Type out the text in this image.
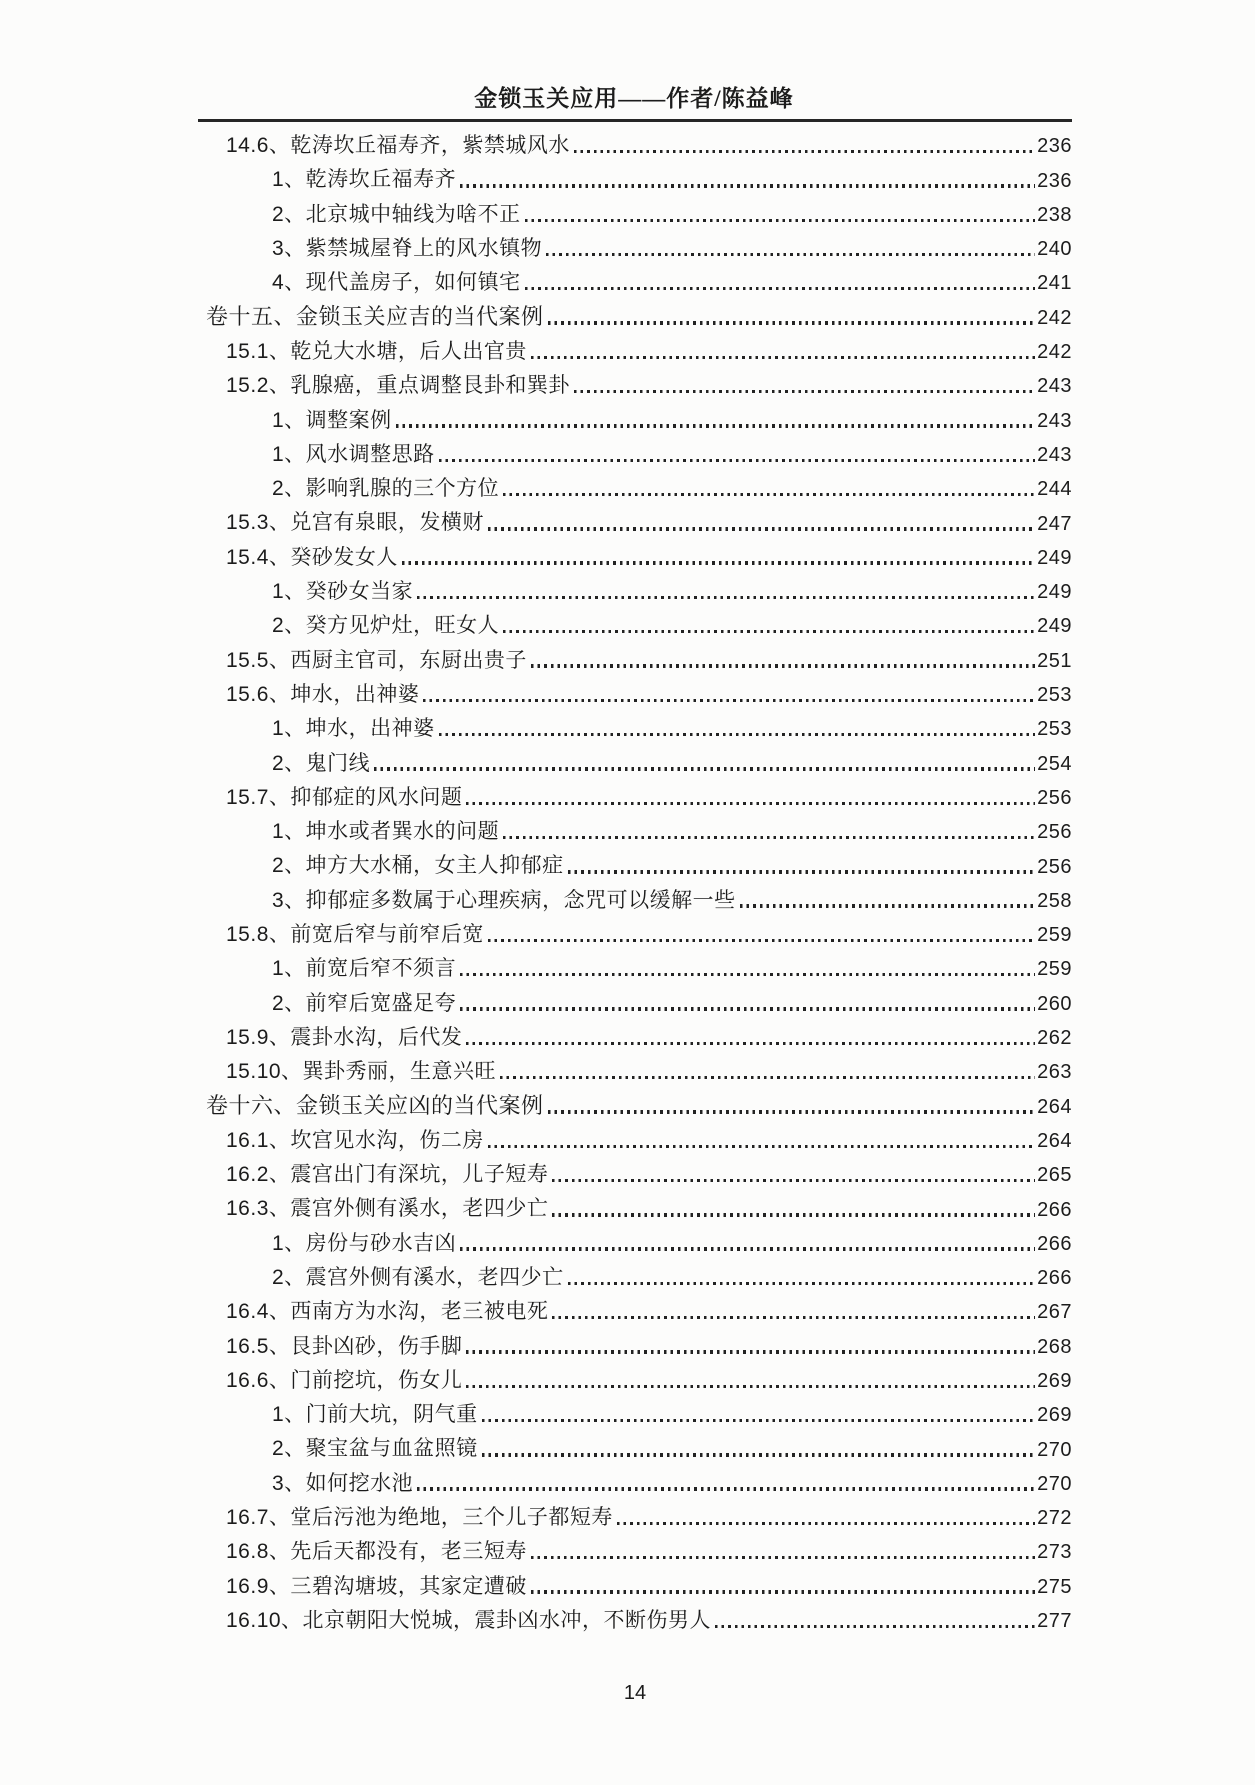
金锁玉关应用——作者/陈益峰
14.6、乾涛坎丘福寿齐，紫禁城风水	236
1、乾涛坎丘福寿齐	236
2、北京城中轴线为啥不正	238
3、紫禁城屋脊上的风水镇物	240
4、现代盖房子，如何镇宅	241
卷十五、金锁玉关应吉的当代案例	242
15.1、乾兑大水塘，后人出官贵	242
15.2、乳腺癌，重点调整艮卦和巽卦	243
1、调整案例	243
1、风水调整思路	243
2、影响乳腺的三个方位	244
15.3、兑宫有泉眼，发横财	247
15.4、癸砂发女人	249
1、癸砂女当家	249
2、癸方见炉灶，旺女人	249
15.5、西厨主官司，东厨出贵子	251
15.6、坤水，出神婆	253
1、坤水，出神婆	253
2、鬼门线	254
15.7、抑郁症的风水问题	256
1、坤水或者巽水的问题	256
2、坤方大水桶，女主人抑郁症	256
3、抑郁症多数属于心理疾病，念咒可以缓解一些	258
15.8、前宽后窄与前窄后宽	259
1、前宽后窄不须言	259
2、前窄后宽盛足夸	260
15.9、震卦水沟，后代发	262
15.10、巽卦秀丽，生意兴旺	263
卷十六、金锁玉关应凶的当代案例	264
16.1、坎宫见水沟，伤二房	264
16.2、震宫出门有深坑，儿子短寿	265
16.3、震宫外侧有溪水，老四少亡	266
1、房份与砂水吉凶	266
2、震宫外侧有溪水，老四少亡	266
16.4、西南方为水沟，老三被电死	267
16.5、艮卦凶砂，伤手脚	268
16.6、门前挖坑，伤女儿	269
1、门前大坑，阴气重	269
2、聚宝盆与血盆照镜	270
3、如何挖水池	270
16.7、堂后污池为绝地，三个儿子都短寿	272
16.8、先后天都没有，老三短寿	273
16.9、三碧沟塘坡，其家定遭破	275
16.10、北京朝阳大悦城，震卦凶水冲，不断伤男人	277
14
